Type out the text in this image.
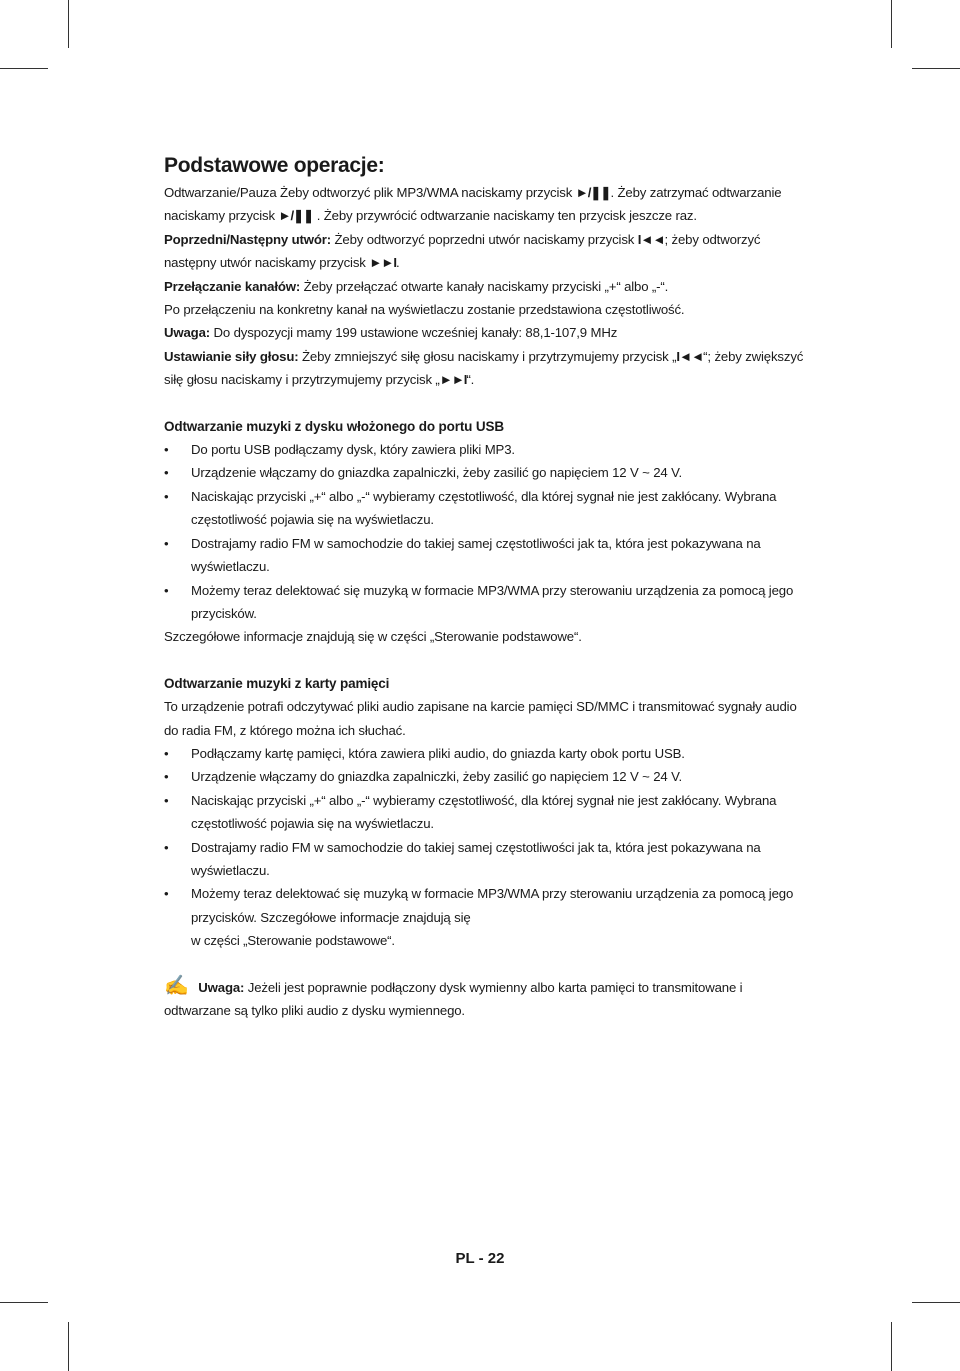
Podstawowe operacje:

Odtwarzanie/Pauza Żeby odtworzyć plik MP3/WMA naciskamy przycisk ►/❚❚. Żeby zatrzymać odtwarzanie naciskamy przycisk ►/❚❚ . Żeby przywrócić odtwarzanie naciskamy ten przycisk jeszcze raz.

Poprzedni/Następny utwór: Żeby odtworzyć poprzedni utwór naciskamy przycisk I◄◄; żeby odtworzyć następny utwór naciskamy przycisk ►►I.

Przełączanie kanałów: Żeby przełączać otwarte kanały naciskamy przyciski „+“ albo „-“.

Po przełączeniu na konkretny kanał na wyświetlaczu zostanie przedstawiona częstotliwość.

Uwaga: Do dyspozycji mamy 199 ustawione wcześniej kanały: 88,1-107,9 MHz

Ustawianie siły głosu: Żeby zmniejszyć siłę głosu naciskamy i przytrzymujemy przycisk „I◄◄“; żeby zwiększyć siłę głosu naciskamy i przytrzymujemy przycisk „►►I“.

Odtwarzanie muzyki z dysku włożonego do portu USB
• Do portu USB podłączamy dysk, który zawiera pliki MP3.
• Urządzenie włączamy do gniazdka zapalniczki, żeby zasilić go napięciem 12 V ~ 24 V.
• Naciskając przyciski „+“ albo „-“ wybieramy częstotliwość, dla której sygnał nie jest zakłócany. Wybrana częstotliwość pojawia się na wyświetlaczu.
• Dostrajamy radio FM w samochodzie do takiej samej częstotliwości jak ta, która jest pokazywana na wyświetlaczu.
• Możemy teraz delektować się muzyką w formacie MP3/WMA przy sterowaniu urządzenia za pomocą jego przycisków.

Szczegółowe informacje znajdują się w części „Sterowanie podstawowe“.

Odtwarzanie muzyki z karty pamięci

To urządzenie potrafi odczytywać pliki audio zapisane na karcie pamięci SD/MMC i transmitować sygnały audio do radia FM, z którego można ich słuchać.

• Podłączamy kartę pamięci, która zawiera pliki audio, do gniazda karty obok portu USB.
• Urządzenie włączamy do gniazdka zapalniczki, żeby zasilić go napięciem 12 V ~ 24 V.
• Naciskając przyciski „+“ albo „-“ wybieramy częstotliwość, dla której sygnał nie jest zakłócany. Wybrana częstotliwość pojawia się na wyświetlaczu.
• Dostrajamy radio FM w samochodzie do takiej samej częstotliwości jak ta, która jest pokazywana na wyświetlaczu.
• Możemy teraz delektować się muzyką w formacie MP3/WMA przy sterowaniu urządzenia za pomocą jego przycisków. Szczegółowe informacje znajdują się
w części „Sterowanie podstawowe“.

✍ Uwaga: Jeżeli jest poprawnie podłączony dysk wymienny albo karta pamięci to transmitowane i odtwarzane są tylko pliki audio z dysku wymiennego.

PL - 22
